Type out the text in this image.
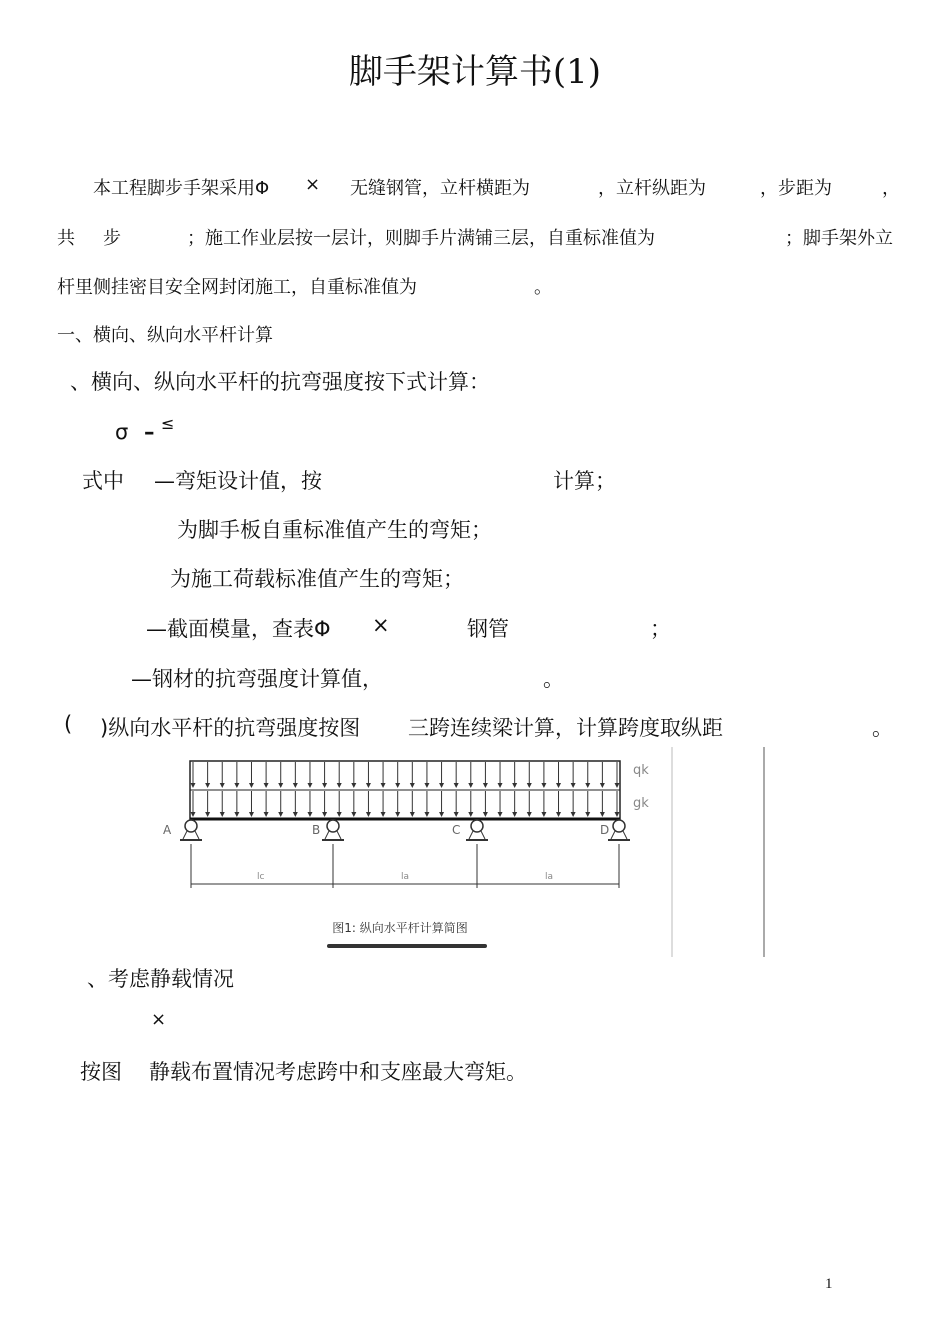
脚手架计算书(1)
本工程脚步手架采用Φ × 无缝钢管，立杆横距为	，立杆纵距为	，步距为	，
共 步	；施工作业层按一层计，则脚手片满铺三层，自重标准值为	；脚手架外立
杆里侧挂密目安全网封闭施工，自重标准值为	。
一、横向、纵向水平杆计算
、横向、纵向水平杆的抗弯强度按下式计算：
σ – ≤
式中 —弯矩设计值，按	计算；
为脚手板自重标准值产生的弯矩；
为施工荷载标准值产生的弯矩；
—截面模量，查表Φ ×	钢管	；
—钢材的抗弯强度计算值，	。
( )纵向水平杆的抗弯强度按图 三跨连续梁计算，计算跨度取纵距	。
A	B	C	D
qk
gk
lc	la	la
图1: 纵向水平杆计算简图
、考虑静载情况
×
按图 静载布置情况考虑跨中和支座最大弯矩。
1
